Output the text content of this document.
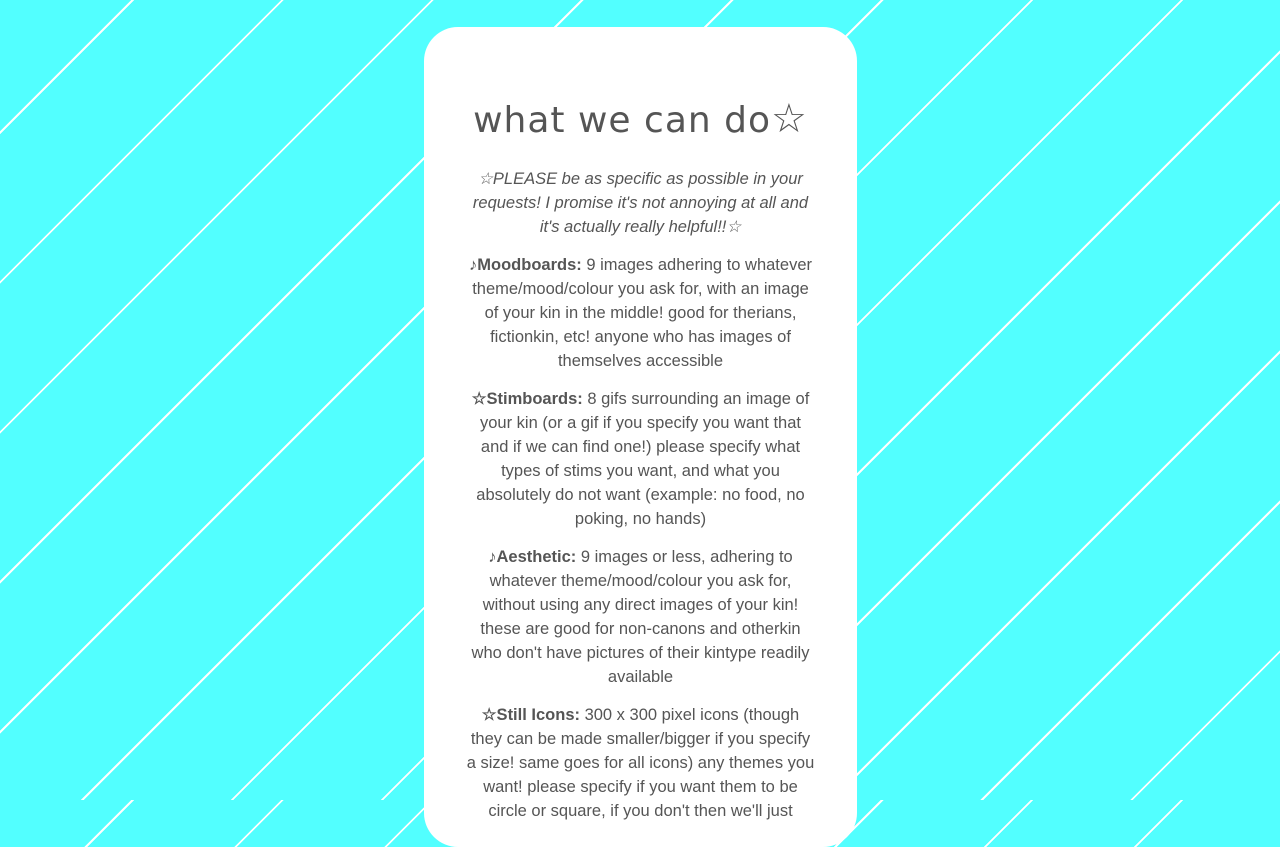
what we can do☆

☆PLEASE be as specific as possible in your requests! I promise it's not annoying at all and it's actually really helpful!!☆

♪Moodboards: 9 images adhering to whatever theme/mood/colour you ask for, with an image of your kin in the middle! good for therians, fictionkin, etc! anyone who has images of themselves accessible

☆Stimboards: 8 gifs surrounding an image of your kin (or a gif if you specify you want that and if we can find one!) please specify what types of stims you want, and what you absolutely do not want (example: no food, no poking, no hands)

♪Aesthetic: 9 images or less, adhering to whatever theme/mood/colour you ask for, without using any direct images of your kin! these are good for non-canons and otherkin who don't have pictures of their kintype readily available

☆Still Icons: 300 x 300 pixel icons (though they can be made smaller/bigger if you specify a size! same goes for all icons) any themes you want! please specify if you want them to be circle or square, if you don't then we'll just
